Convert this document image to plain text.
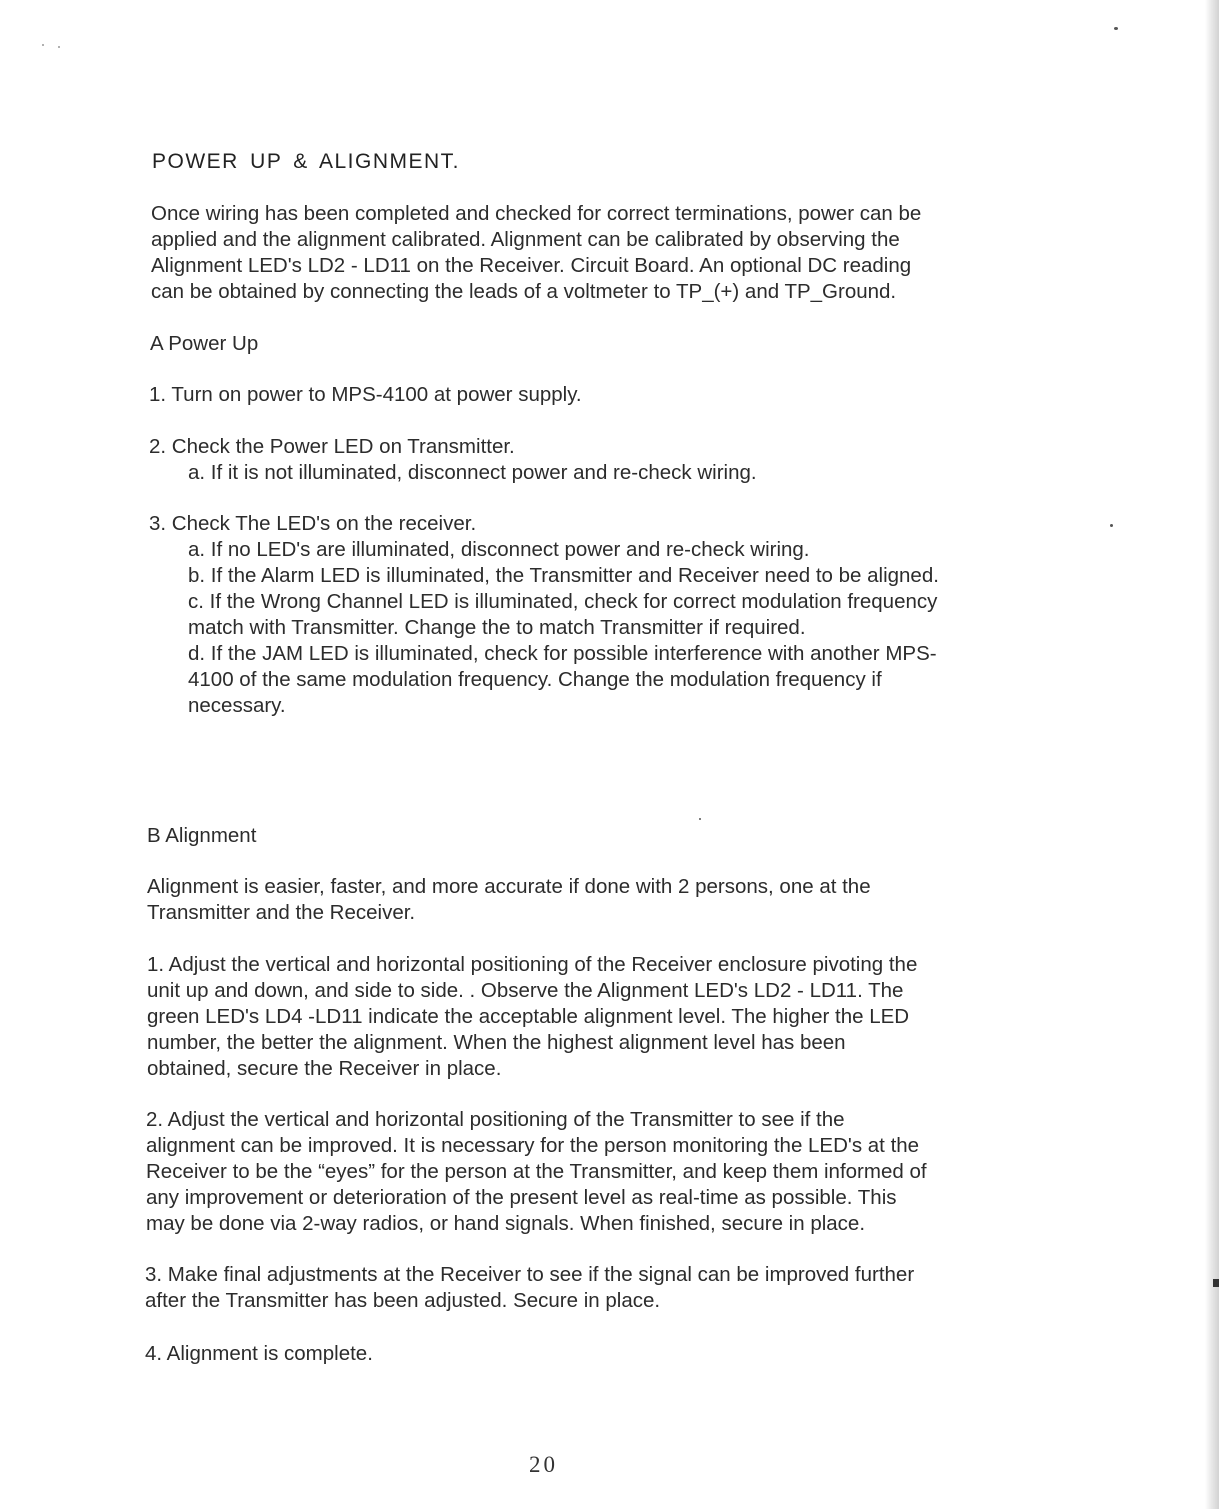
POWER UP & ALIGNMENT.
Once wiring has been completed and checked for correct terminations, power can be
applied and the alignment calibrated. Alignment can be calibrated by observing the
Alignment LED's LD2 - LD11 on the Receiver. Circuit Board. An optional DC reading
can be obtained by connecting the leads of a voltmeter to TP_(+) and TP_Ground.
A Power Up
1. Turn on power to MPS-4100 at power supply.
2. Check the Power LED on Transmitter.
a. If it is not illuminated, disconnect power and re-check wiring.
3. Check The LED's on the receiver.
a. If no LED's are illuminated, disconnect power and re-check wiring.
b. If the Alarm LED is illuminated, the Transmitter and Receiver need to be aligned.
c. If the Wrong Channel LED is illuminated, check for correct modulation frequency
match with Transmitter. Change the to match Transmitter if required.
d. If the JAM LED is illuminated, check for possible interference with another MPS-
4100 of the same modulation frequency. Change the modulation frequency if
necessary.
B Alignment
Alignment is easier, faster, and more accurate if done with 2 persons, one at the
Transmitter and the Receiver.
1. Adjust the vertical and horizontal positioning of the Receiver enclosure pivoting the
unit up and down, and side to side. . Observe the Alignment LED's LD2 - LD11. The
green LED's LD4 -LD11 indicate the acceptable alignment level. The higher the LED
number, the better the alignment. When the highest alignment level has been
obtained, secure the Receiver in place.
2. Adjust the vertical and horizontal positioning of the Transmitter to see if the
alignment can be improved. It is necessary for the person monitoring the LED's at the
Receiver to be the “eyes” for the person at the Transmitter, and keep them informed of
any improvement or deterioration of the present level as real-time as possible. This
may be done via 2-way radios, or hand signals. When finished, secure in place.
3. Make final adjustments at the Receiver to see if the signal can be improved further
after the Transmitter has been adjusted. Secure in place.
4. Alignment is complete.
20
